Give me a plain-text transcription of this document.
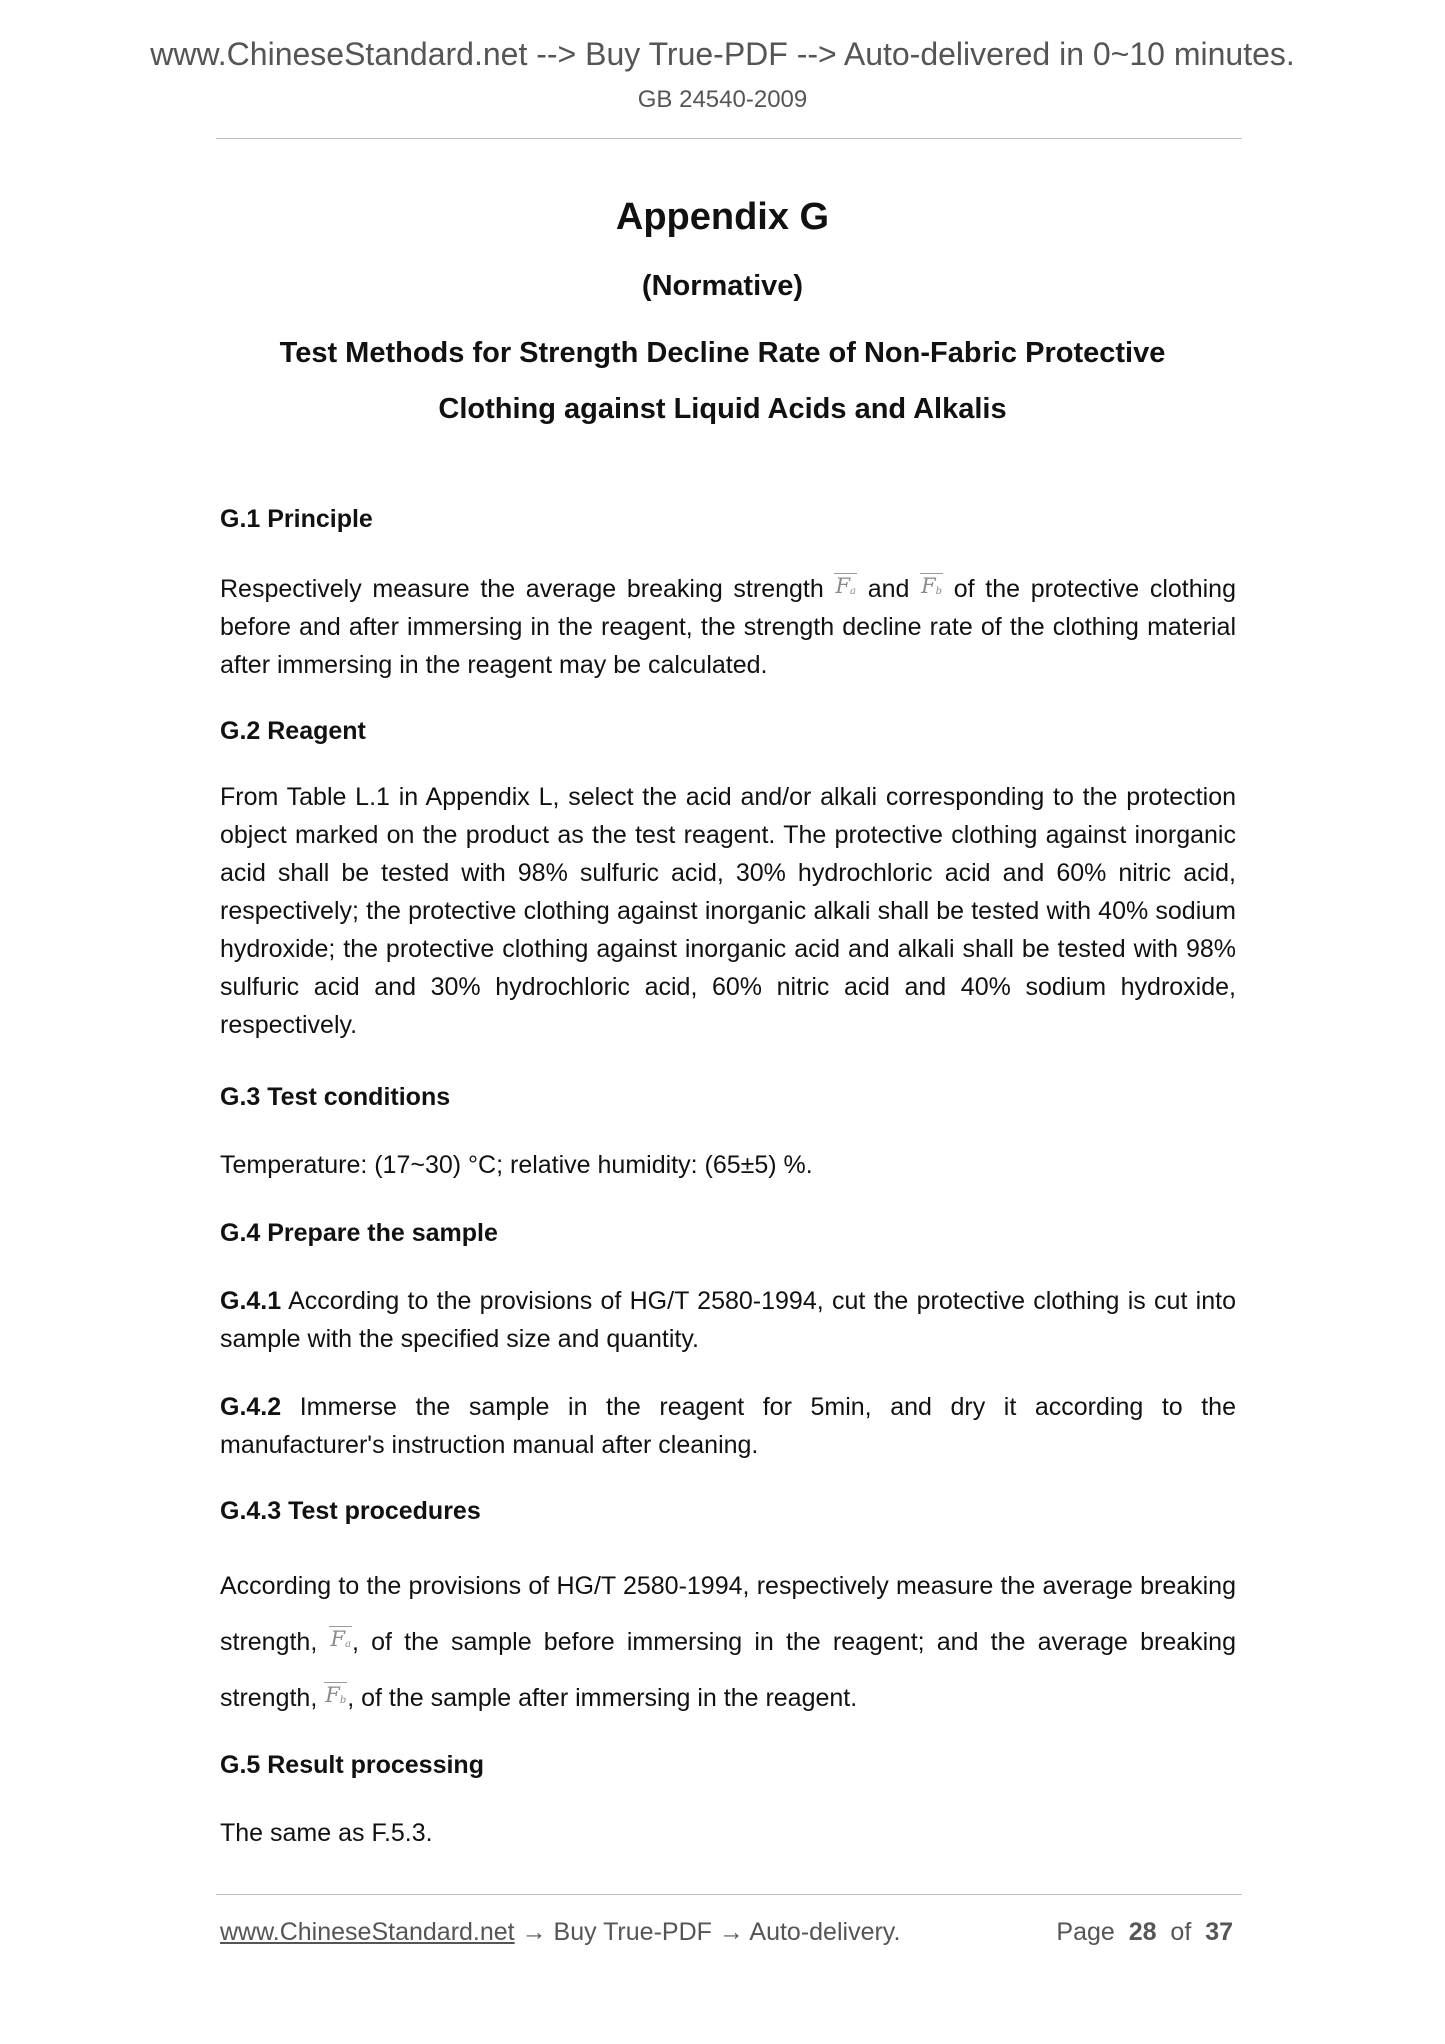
www.ChineseStandard.net --> Buy True-PDF --> Auto-delivered in 0~10 minutes.
GB 24540-2009
Appendix G
(Normative)
Test Methods for Strength Decline Rate of Non-Fabric Protective
Clothing against Liquid Acids and Alkalis
G.1 Principle

Respectively measure the average breaking strength $F_a$ and $F_b$ of the protective clothing before and after immersing in the reagent, the strength decline rate of the clothing material after immersing in the reagent may be calculated.

G.2 Reagent

From Table L.1 in Appendix L, select the acid and/or alkali corresponding to the protection object marked on the product as the test reagent. The protective clothing against inorganic acid shall be tested with 98% sulfuric acid, 30% hydrochloric acid and 60% nitric acid, respectively; the protective clothing against inorganic alkali shall be tested with 40% sodium hydroxide; the protective clothing against inorganic acid and alkali shall be tested with 98% sulfuric acid and 30% hydrochloric acid, 60% nitric acid and 40% sodium hydroxide, respectively.

G.3 Test conditions

Temperature: (17~30) °C; relative humidity: (65±5) %.

G.4 Prepare the sample

G.4.1 According to the provisions of HG/T 2580-1994, cut the protective clothing is cut into sample with the specified size and quantity.

G.4.2 Immerse the sample in the reagent for 5min, and dry it according to the manufacturer's instruction manual after cleaning.

G.4.3 Test procedures

According to the provisions of HG/T 2580-1994, respectively measure the average breaking strength, $F_a$, of the sample before immersing in the reagent; and the average breaking strength, $F_b$, of the sample after immersing in the reagent.

G.5 Result processing

The same as F.5.3.

www.ChineseStandard.net → Buy True-PDF → Auto-delivery.	Page 28 of 37
